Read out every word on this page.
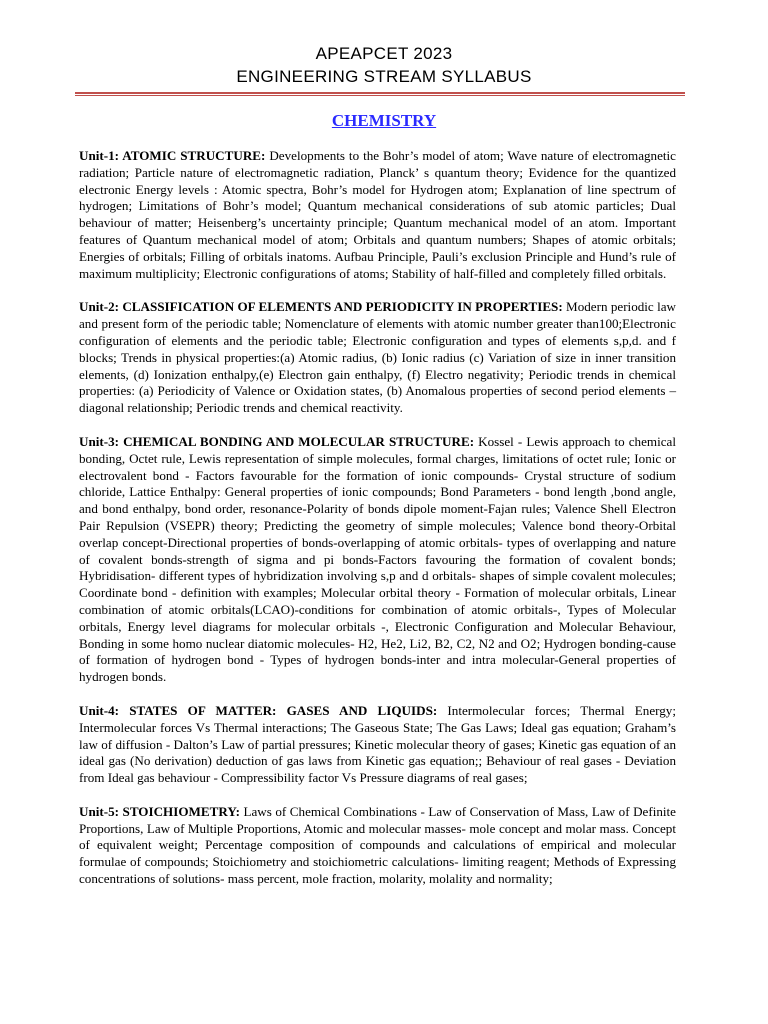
APEAPCET 2023
ENGINEERING STREAM SYLLABUS
CHEMISTRY

Unit-1: ATOMIC STRUCTURE: Developments to the Bohr’s model of atom; Wave nature of electromagnetic radiation; Particle nature of electromagnetic radiation, Planck’ s quantum theory; Evidence for the quantized electronic Energy levels : Atomic spectra, Bohr’s model for Hydrogen atom; Explanation of line spectrum of hydrogen; Limitations of Bohr’s model; Quantum mechanical considerations of sub atomic particles; Dual behaviour of matter; Heisenberg’s uncertainty principle; Quantum mechanical model of an atom. Important features of Quantum mechanical model of atom; Orbitals and quantum numbers; Shapes of atomic orbitals; Energies of orbitals; Filling of orbitals inatoms. Aufbau Principle, Pauli’s exclusion Principle and Hund’s rule of maximum multiplicity; Electronic configurations of atoms; Stability of half-filled and completely filled orbitals.

Unit-2: CLASSIFICATION OF ELEMENTS AND PERIODICITY IN PROPERTIES: Modern periodic law and present form of the periodic table; Nomenclature of elements with atomic number greater than100;Electronic configuration of elements and the periodic table; Electronic configuration and types of elements s,p,d. and f blocks; Trends in physical properties:(a) Atomic radius, (b) Ionic radius (c) Variation of size in inner transition elements, (d) Ionization enthalpy,(e) Electron gain enthalpy, (f) Electro negativity; Periodic trends in chemical properties: (a) Periodicity of Valence or Oxidation states, (b) Anomalous properties of second period elements –diagonal relationship; Periodic trends and chemical reactivity.

Unit-3: CHEMICAL BONDING AND MOLECULAR STRUCTURE: Kossel - Lewis approach to chemical bonding, Octet rule, Lewis representation of simple molecules, formal charges, limitations of octet rule; Ionic or electrovalent bond - Factors favourable for the formation of ionic compounds- Crystal structure of sodium chloride, Lattice Enthalpy: General properties of ionic compounds; Bond Parameters - bond length ,bond angle, and bond enthalpy, bond order, resonance-Polarity of bonds dipole moment-Fajan rules; Valence Shell Electron Pair Repulsion (VSEPR) theory; Predicting the geometry of simple molecules; Valence bond theory-Orbital overlap concept-Directional properties of bonds-overlapping of atomic orbitals- types of overlapping and nature of covalent bonds-strength of sigma and pi bonds-Factors favouring the formation of covalent bonds; Hybridisation- different types of hybridization involving s,p and d orbitals- shapes of simple covalent molecules; Coordinate bond - definition with examples; Molecular orbital theory - Formation of molecular orbitals, Linear combination of atomic orbitals(LCAO)-conditions for combination of atomic orbitals-, Types of Molecular orbitals, Energy level diagrams for molecular orbitals -, Electronic Configuration and Molecular Behaviour, Bonding in some homo nuclear diatomic molecules- H2, He2, Li2, B2, C2, N2 and O2; Hydrogen bonding-cause of formation of hydrogen bond - Types of hydrogen bonds-inter and intra molecular-General properties of hydrogen bonds.

Unit-4: STATES OF MATTER: GASES AND LIQUIDS: Intermolecular forces; Thermal Energy; Intermolecular forces Vs Thermal interactions; The Gaseous State; The Gas Laws; Ideal gas equation; Graham’s law of diffusion - Dalton’s Law of partial pressures; Kinetic molecular theory of gases; Kinetic gas equation of an ideal gas (No derivation) deduction of gas laws from Kinetic gas equation;; Behaviour of real gases - Deviation from Ideal gas behaviour - Compressibility factor Vs Pressure diagrams of real gases;

Unit-5: STOICHIOMETRY: Laws of Chemical Combinations - Law of Conservation of Mass, Law of Definite Proportions, Law of Multiple Proportions, Atomic and molecular masses- mole concept and molar mass. Concept of equivalent weight; Percentage composition of compounds and calculations of empirical and molecular formulae of compounds; Stoichiometry and stoichiometric calculations- limiting reagent; Methods of Expressing concentrations of solutions- mass percent, mole fraction, molarity, molality and normality;
